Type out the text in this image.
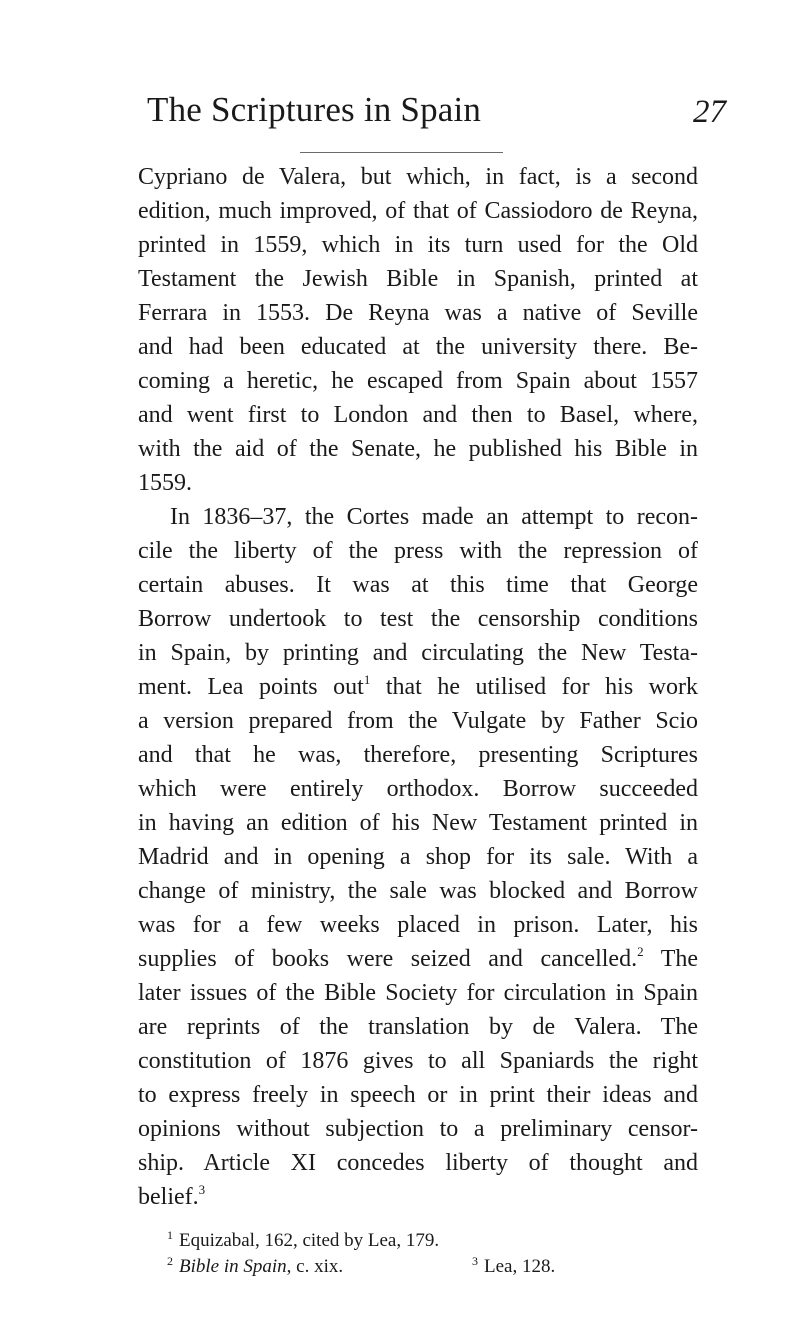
The Scriptures in Spain	27
Cypriano de Valera, but which, in fact, is a second
edition, much improved, of that of Cassiodoro de Reyna,
printed in 1559, which in its turn used for the Old
Testament the Jewish Bible in Spanish, printed at
Ferrara in 1553. De Reyna was a native of Seville
and had been educated at the university there. Be-
coming a heretic, he escaped from Spain about 1557
and went first to London and then to Basel, where,
with the aid of the Senate, he published his Bible in
1559.
In 1836–37, the Cortes made an attempt to recon-
cile the liberty of the press with the repression of
certain abuses. It was at this time that George
Borrow undertook to test the censorship conditions
in Spain, by printing and circulating the New Testa-
ment. Lea points out$^1$ that he utilised for his work
a version prepared from the Vulgate by Father Scio
and that he was, therefore, presenting Scriptures
which were entirely orthodox. Borrow succeeded
in having an edition of his New Testament printed in
Madrid and in opening a shop for its sale. With a
change of ministry, the sale was blocked and Borrow
was for a few weeks placed in prison. Later, his
supplies of books were seized and cancelled.$^2$ The
later issues of the Bible Society for circulation in Spain
are reprints of the translation by de Valera. The
constitution of 1876 gives to all Spaniards the right
to express freely in speech or in print their ideas and
opinions without subjection to a preliminary censor-
ship. Article XI concedes liberty of thought and
belief.$^3$
$^1$ Equizabal, 162, cited by Lea, 179.
$^2$ Bible in Spain, c. xix.	$^3$ Lea, 128.
